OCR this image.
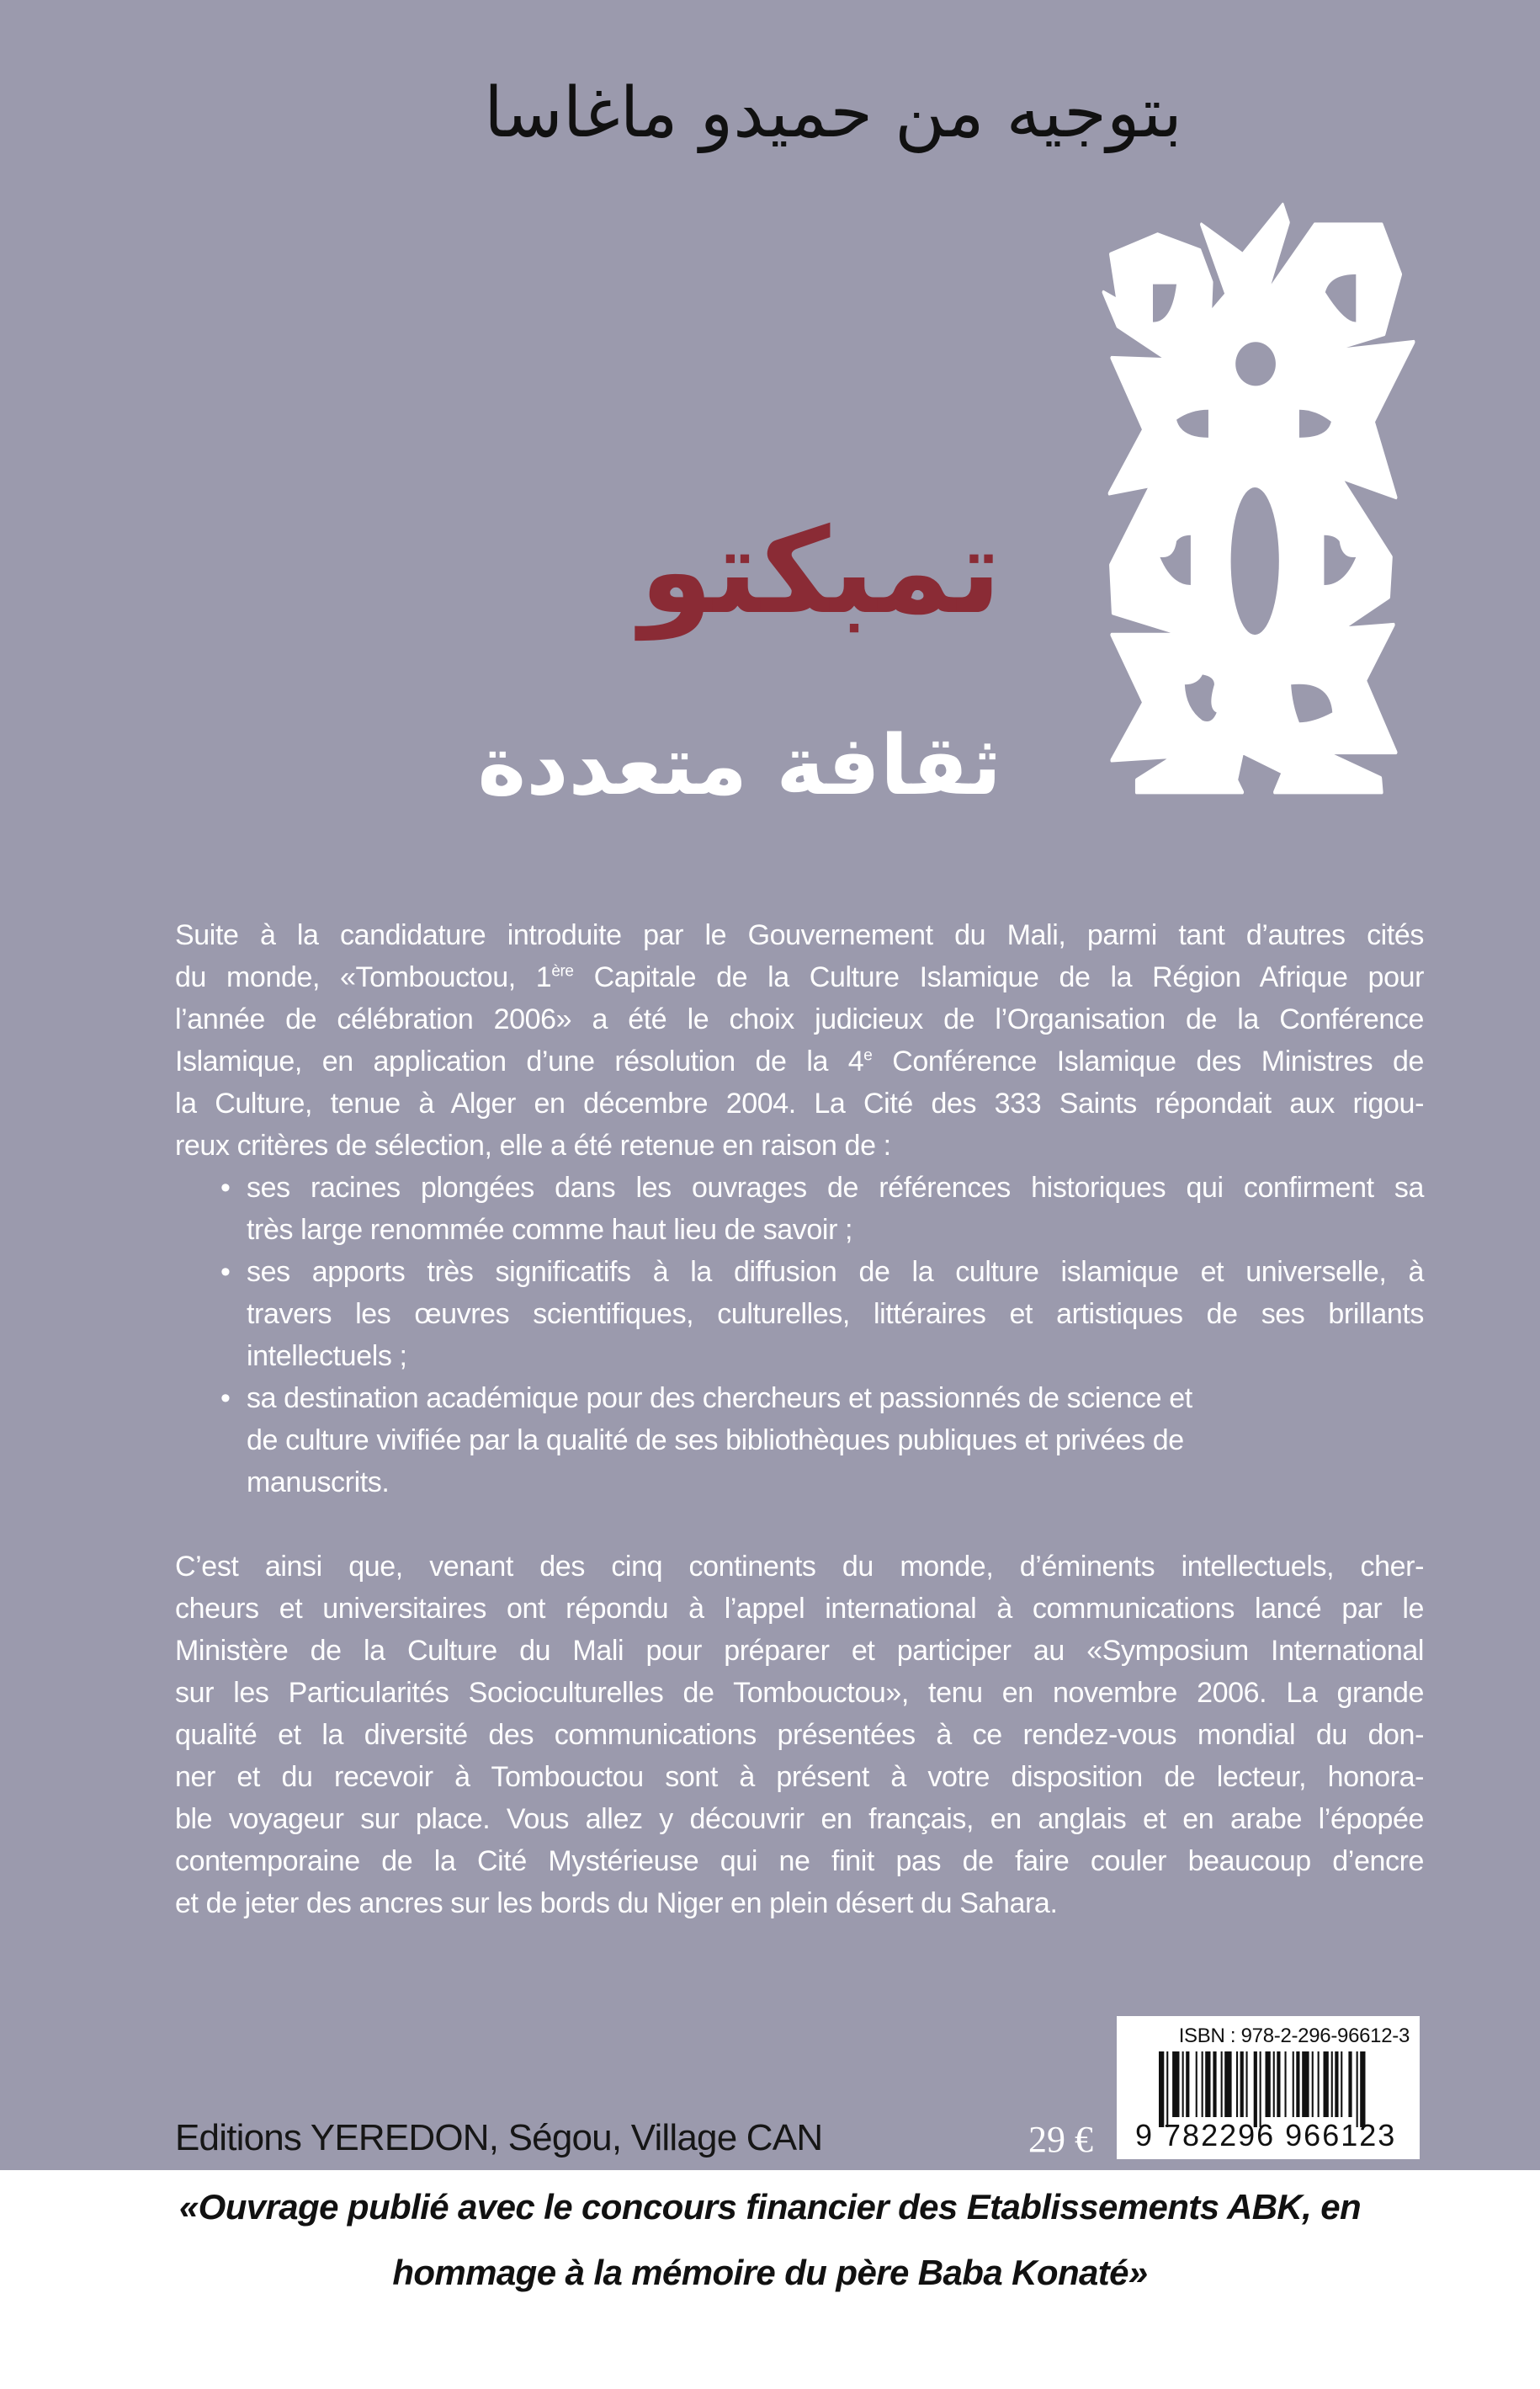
بتوجيه من حميدو ماغاسا
تمبكتو
ثقافة متعددة
Suite à la candidature introduite par le Gouvernement du Mali, parmi tant d’autres cités
du monde, «Tombouctou, 1ère Capitale de la Culture Islamique de la Région Afrique pour
l’année de célébration 2006» a été le choix judicieux de l’Organisation de la Conférence
Islamique, en application d’une résolution de la 4e Conférence Islamique des Ministres de
la Culture, tenue à Alger en décembre 2004. La Cité des 333 Saints répondait aux rigou-
reux critères de sélection, elle a été retenue en raison de :
• ses racines plongées dans les ouvrages de références historiques qui confirment sa
très large renommée comme haut lieu de savoir ;
• ses apports très significatifs à la diffusion de la culture islamique et universelle, à
travers les œuvres scientifiques, culturelles, littéraires et artistiques de ses brillants
intellectuels ;
• sa destination académique pour des chercheurs et passionnés de science et
de culture vivifiée par la qualité de ses bibliothèques publiques et privées de
manuscrits.
C’est ainsi que, venant des cinq continents du monde, d’éminents intellectuels, cher-
cheurs et universitaires ont répondu à l’appel international à communications lancé par le
Ministère de la Culture du Mali pour préparer et participer au «Symposium International
sur les Particularités Socioculturelles de Tombouctou», tenu en novembre 2006. La grande
qualité et la diversité des communications présentées à ce rendez-vous mondial du don-
ner et du recevoir à Tombouctou sont à présent à votre disposition de lecteur, honora-
ble voyageur sur place. Vous allez y découvrir en français, en anglais et en arabe l’épopée
contemporaine de la Cité Mystérieuse qui ne finit pas de faire couler beaucoup d’encre
et de jeter des ancres sur les bords du Niger en plein désert du Sahara.
Editions YEREDON, Ségou, Village CAN	29 €
ISBN : 978-2-296-96612-3
9 782296 966123
«Ouvrage publié avec le concours financier des Etablissements ABK, en
hommage à la mémoire du père Baba Konaté»
